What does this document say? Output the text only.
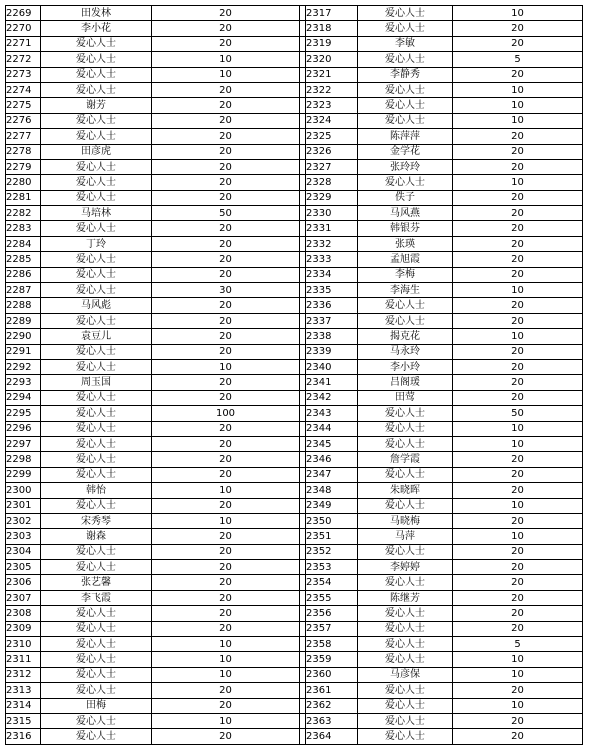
2269	田发林	20		2317	爱心人士	10
2270	李小花	20		2318	爱心人士	20
2271	爱心人士	20		2319	李敏	20
2272	爱心人士	10		2320	爱心人士	5
2273	爱心人士	10		2321	李静秀	20
2274	爱心人士	20		2322	爱心人士	10
2275	谢芳	20		2323	爱心人士	10
2276	爱心人士	20		2324	爱心人士	10
2277	爱心人士	20		2325	陈萍萍	20
2278	田彦虎	20		2326	金学花	20
2279	爱心人士	20		2327	张玲玲	20
2280	爱心人士	20		2328	爱心人士	10
2281	爱心人士	20		2329	佚子	20
2282	马培林	50		2330	马风燕	20
2283	爱心人士	20		2331	韩银芬	20
2284	丁玲	20		2332	张瑛	20
2285	爱心人士	20		2333	孟旭霞	20
2286	爱心人士	20		2334	李梅	20
2287	爱心人士	30		2335	李海生	10
2288	马风彪	20		2336	爱心人士	20
2289	爱心人士	20		2337	爱心人士	20
2290	袁豆儿	20		2338	揭克花	10
2291	爱心人士	20		2339	马永玲	20
2292	爱心人士	10		2340	李小玲	20
2293	周玉国	20		2341	吕阁瑗	20
2294	爱心人士	20		2342	田莺	20
2295	爱心人士	100		2343	爱心人士	50
2296	爱心人士	20		2344	爱心人士	10
2297	爱心人士	20		2345	爱心人士	10
2298	爱心人士	20		2346	詹学霞	20
2299	爱心人士	20		2347	爱心人士	20
2300	韩怡	10		2348	朱晓晖	20
2301	爱心人士	20		2349	爱心人士	10
2302	宋秀琴	10		2350	马晓梅	20
2303	谢森	20		2351	马萍	10
2304	爱心人士	20		2352	爱心人士	20
2305	爱心人士	20		2353	李婷婷	20
2306	张艺馨	20		2354	爱心人士	20
2307	李飞霞	20		2355	陈继芳	20
2308	爱心人士	20		2356	爱心人士	20
2309	爱心人士	20		2357	爱心人士	20
2310	爱心人士	10		2358	爱心人士	5
2311	爱心人士	10		2359	爱心人士	10
2312	爱心人士	10		2360	马彦保	10
2313	爱心人士	20		2361	爱心人士	20
2314	田梅	20		2362	爱心人士	10
2315	爱心人士	10		2363	爱心人士	20
2316	爱心人士	20		2364	爱心人士	20
